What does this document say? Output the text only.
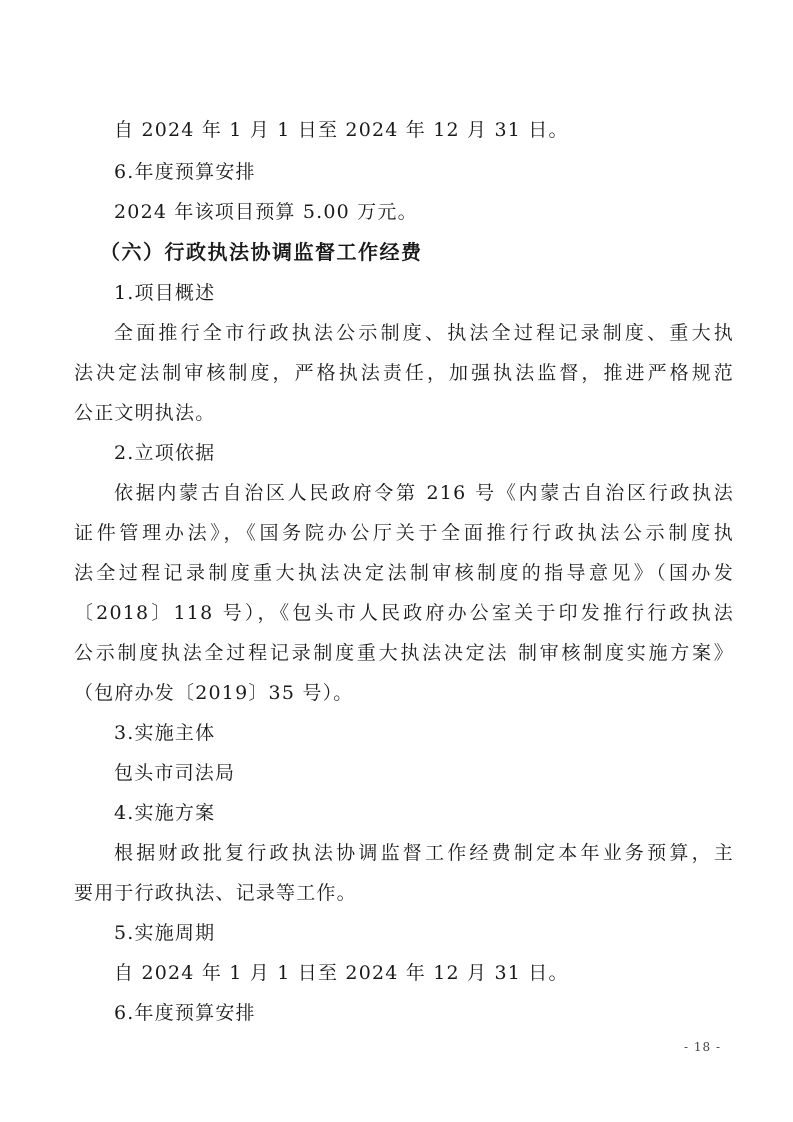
自 2024 年 1 月 1 日至 2024 年 12 月 31 日。
6.年度预算安排
2024 年该项目预算 5.00 万元。
（六）行政执法协调监督工作经费
1.项目概述
全面推行全市行政执法公示制度、执法全过程记录制度、重大执
法决定法制审核制度，严格执法责任，加强执法监督，推进严格规范
公正文明执法。
2.立项依据
依据内蒙古自治区人民政府令第 216 号《内蒙古自治区行政执法
证件管理办法》，《国务院办公厅关于全面推行行政执法公示制度执
法全过程记录制度重大执法决定法制审核制度的指导意见》（国办发
〔2018〕118 号），《包头市人民政府办公室关于印发推行行政执法
公示制度执法全过程记录制度重大执法决定法 制审核制度实施方案》
（包府办发〔2019〕35 号）。
3.实施主体
包头市司法局
4.实施方案
根据财政批复行政执法协调监督工作经费制定本年业务预算，主
要用于行政执法、记录等工作。
5.实施周期
自 2024 年 1 月 1 日至 2024 年 12 月 31 日。
6.年度预算安排
- 18 -
